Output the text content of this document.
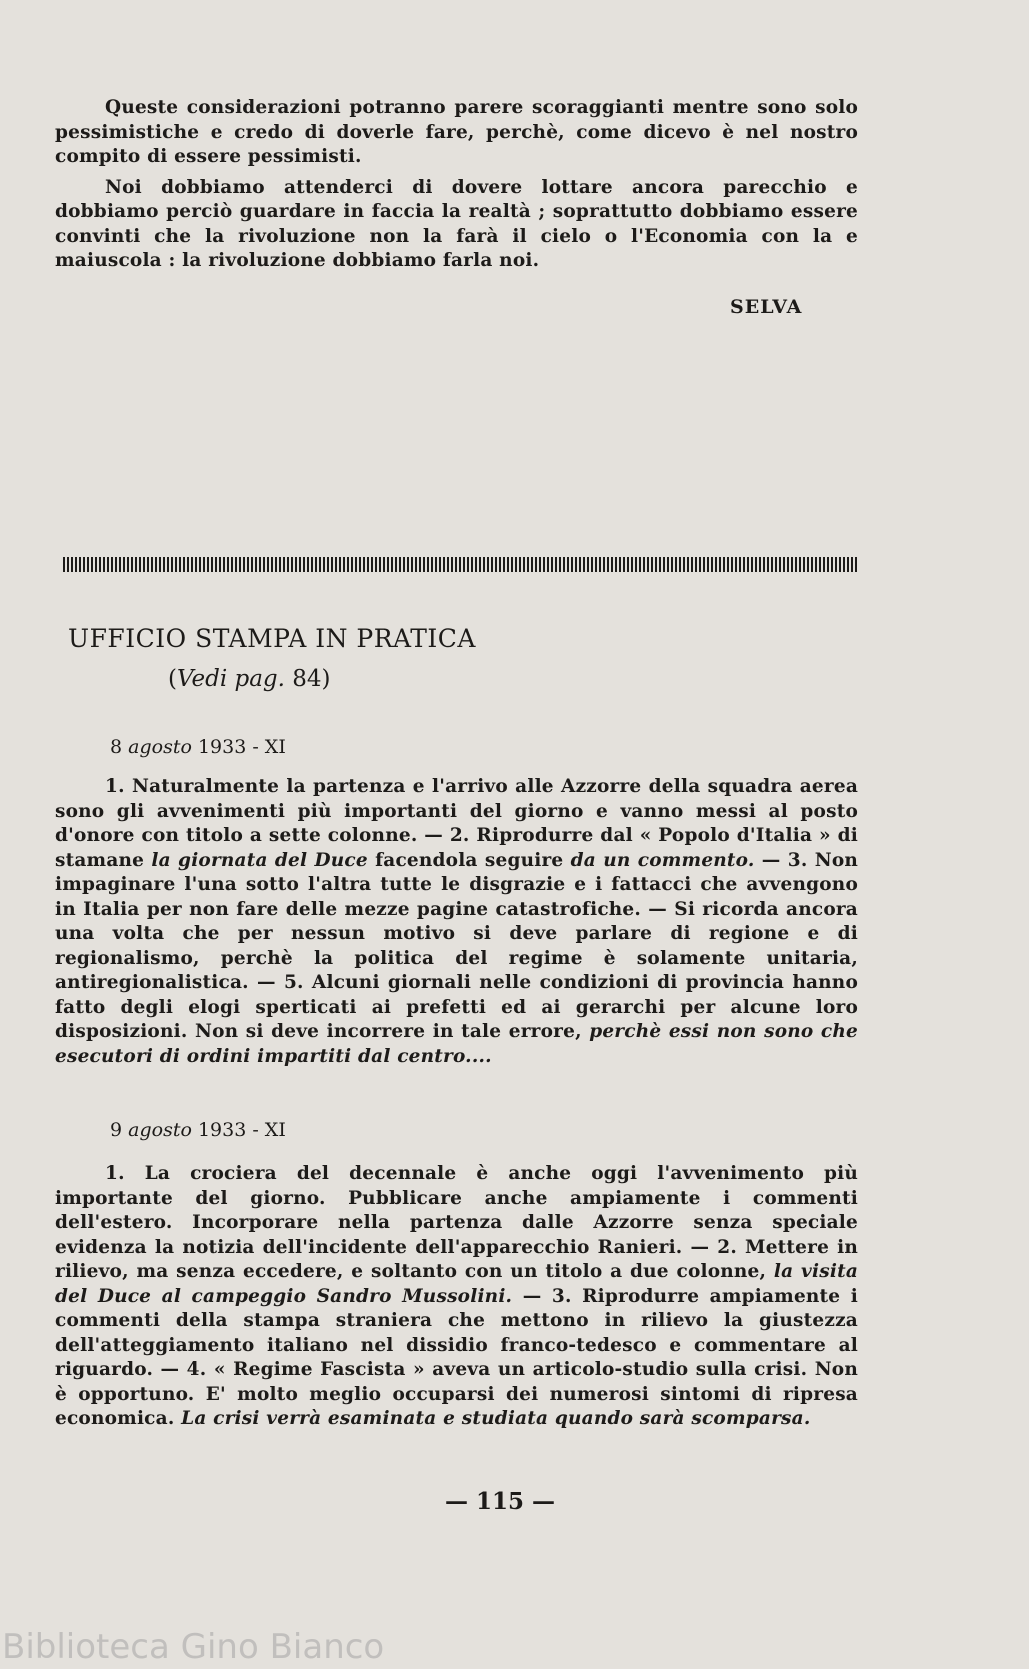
Queste considerazioni potranno parere scoraggianti mentre sono solo pessimistiche e credo di doverle fare, perchè, come dicevo è nel nostro compito di essere pessimisti.

Noi dobbiamo attenderci di dovere lottare ancora parecchio e dobbiamo perciò guardare in faccia la realtà ; soprattutto dobbiamo essere convinti che la rivoluzione non la farà il cielo o l'Economia con la e maiuscola : la rivoluzione dobbiamo farla noi.

SELVA
UFFICIO STAMPA IN PRATICA
(Vedi pag. 84)
8 agosto 1933 - XI

1. Naturalmente la partenza e l'arrivo alle Azzorre della squadra aerea sono gli avvenimenti più importanti del giorno e vanno messi al posto d'onore con titolo a sette colonne. — 2. Riprodurre dal « Popolo d'Italia » di stamane la giornata del Duce facendola seguire da un commento. — 3. Non impaginare l'una sotto l'altra tutte le disgrazie e i fattacci che avvengono in Italia per non fare delle mezze pagine catastrofiche. — Si ricorda ancora una volta che per nessun motivo si deve parlare di regione e di regionalismo, perchè la politica del regime è solamente unitaria, antiregionalistica. — 5. Alcuni giornali nelle condizioni di provincia hanno fatto degli elogi sperticati ai prefetti ed ai gerarchi per alcune loro disposizioni. Non si deve incorrere in tale errore, perchè essi non sono che esecutori di ordini impartiti dal centro....

9 agosto 1933 - XI

1. La crociera del decennale è anche oggi l'avvenimento più importante del giorno. Pubblicare anche ampiamente i commenti dell'estero. Incorporare nella partenza dalle Azzorre senza speciale evidenza la notizia dell'incidente dell'apparecchio Ranieri. — 2. Mettere in rilievo, ma senza eccedere, e soltanto con un titolo a due colonne, la visita del Duce al campeggio Sandro Mussolini. — 3. Riprodurre ampiamente i commenti della stampa straniera che mettono in rilievo la giustezza dell'atteggiamento italiano nel dissidio franco-tedesco e commentare al riguardo. — 4. « Regime Fascista » aveva un articolo-studio sulla crisi. Non è opportuno. E' molto meglio occuparsi dei numerosi sintomi di ripresa economica. La crisi verrà esaminata e studiata quando sarà scomparsa.

— 115 —
Biblioteca Gino Bianco
